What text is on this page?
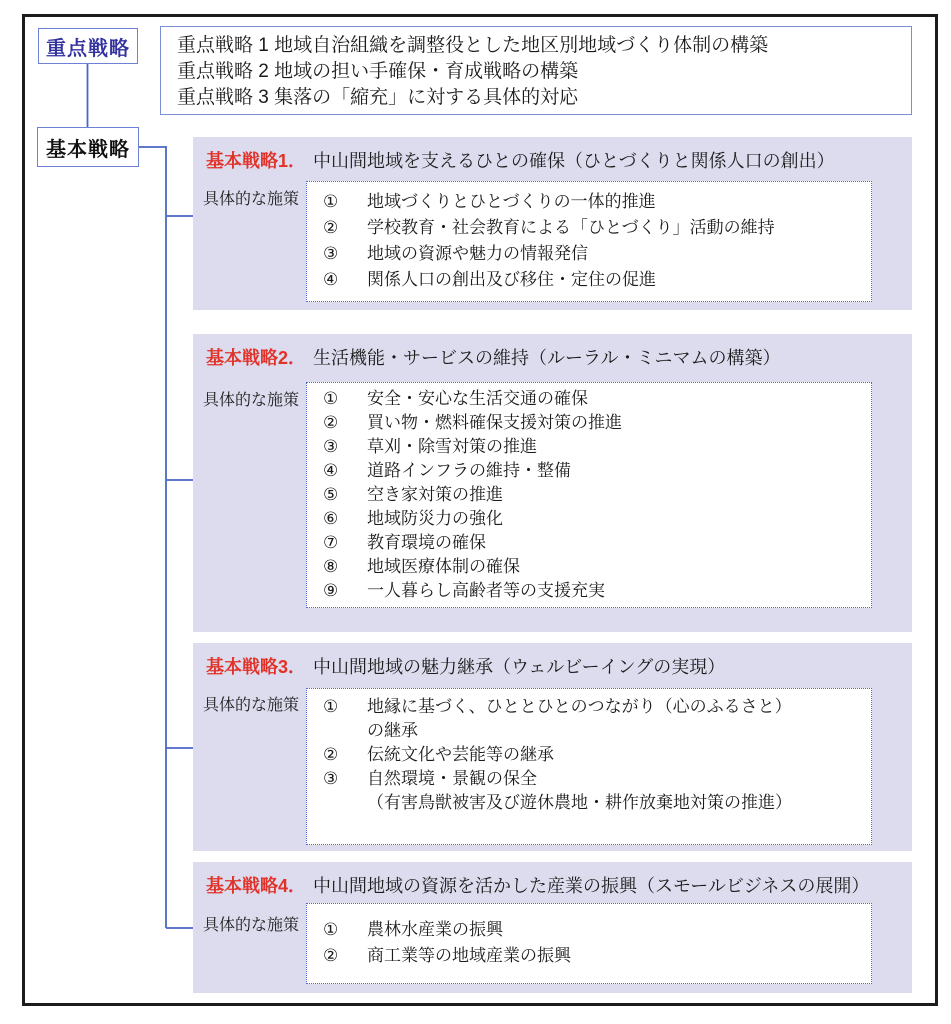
重点戦略 重点戦略 1 地域自治組織を調整役とした地区別地域づくり体制の構築
重点戦略 2 地域の担い手確保・育成戦略の構築
重点戦略 3 集落の「縮充」に対する具体的対応
基本戦略
基本戦略1． 中山間地域を支えるひとの確保（ひとづくりと関係人口の創出）
具体的な施策 ①	地域づくりとひとづくりの一体的推進
②	学校教育・社会教育による「ひとづくり」活動の維持
③	地域の資源や魅力の情報発信
④	関係人口の創出及び移住・定住の促進
基本戦略2． 生活機能・サービスの維持（ルーラル・ミニマムの構築）
具体的な施策 ①	安全・安心な生活交通の確保
②	買い物・燃料確保支援対策の推進
③	草刈・除雪対策の推進
④	道路インフラの維持・整備
⑤	空き家対策の推進
⑥	地域防災力の強化
⑦	教育環境の確保
⑧	地域医療体制の確保
⑨	一人暮らし高齢者等の支援充実
基本戦略3． 中山間地域の魅力継承（ウェルビーイングの実現）
具体的な施策 ①	地縁に基づく、ひととひとのつながり（心のふるさと）
の継承
②	伝統文化や芸能等の継承
③	自然環境・景観の保全
（有害鳥獣被害及び遊休農地・耕作放棄地対策の推進）
基本戦略4． 中山間地域の資源を活かした産業の振興（スモールビジネスの展開）
具体的な施策 ①	農林水産業の振興
②	商工業等の地域産業の振興
